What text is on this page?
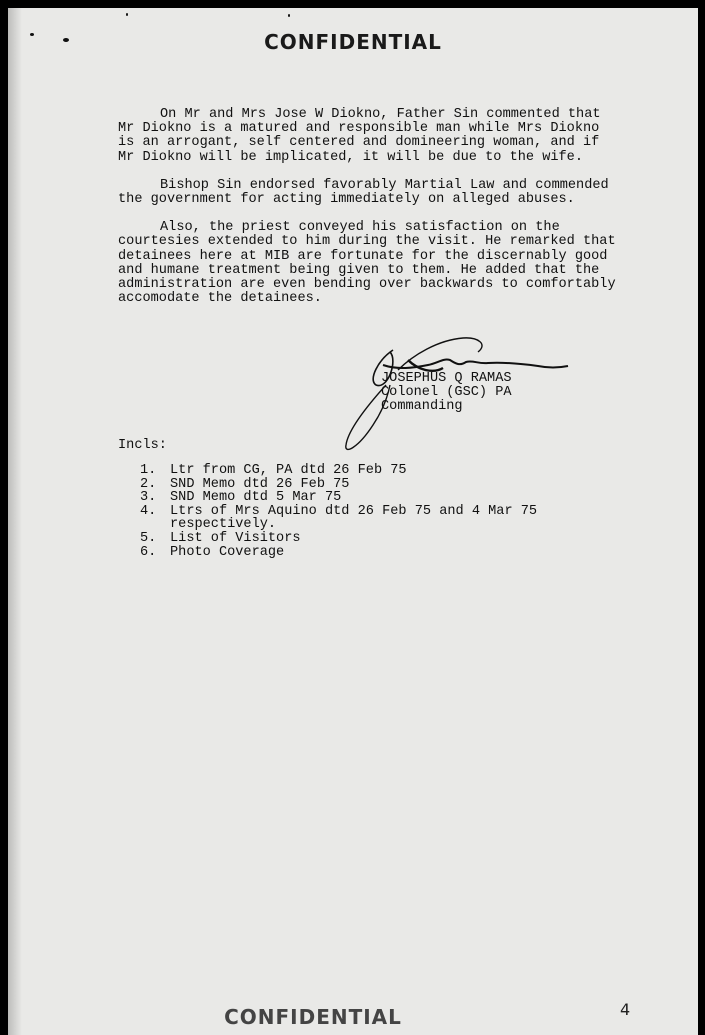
CONFIDENTIAL

On Mr and Mrs Jose W Diokno, Father Sin commented that Mr Diokno is a matured and responsible man while Mrs Diokno is an arrogant, self centered and domineering woman, and if Mr Diokno will be implicated, it will be due to the wife.

Bishop Sin endorsed favorably Martial Law and commended the government for acting immediately on alleged abuses.

Also, the priest conveyed his satisfaction on the courtesies extended to him during the visit. He remarked that detainees here at MIB are fortunate for the discernably good and humane treatment being given to them. He added that the administration are even bending over backwards to comfortably accomodate the detainees.

JOSEPHUS Q RAMAS
Colonel (GSC) PA
Commanding
Incls:
1.	Ltr from CG, PA dtd 26 Feb 75
2.	SND Memo dtd 26 Feb 75
3.	SND Memo dtd 5 Mar 75
4.	Ltrs of Mrs Aquino dtd 26 Feb 75 and 4 Mar 75 respectively.
5.	List of Visitors
6.	Photo Coverage
CONFIDENTIAL	4
